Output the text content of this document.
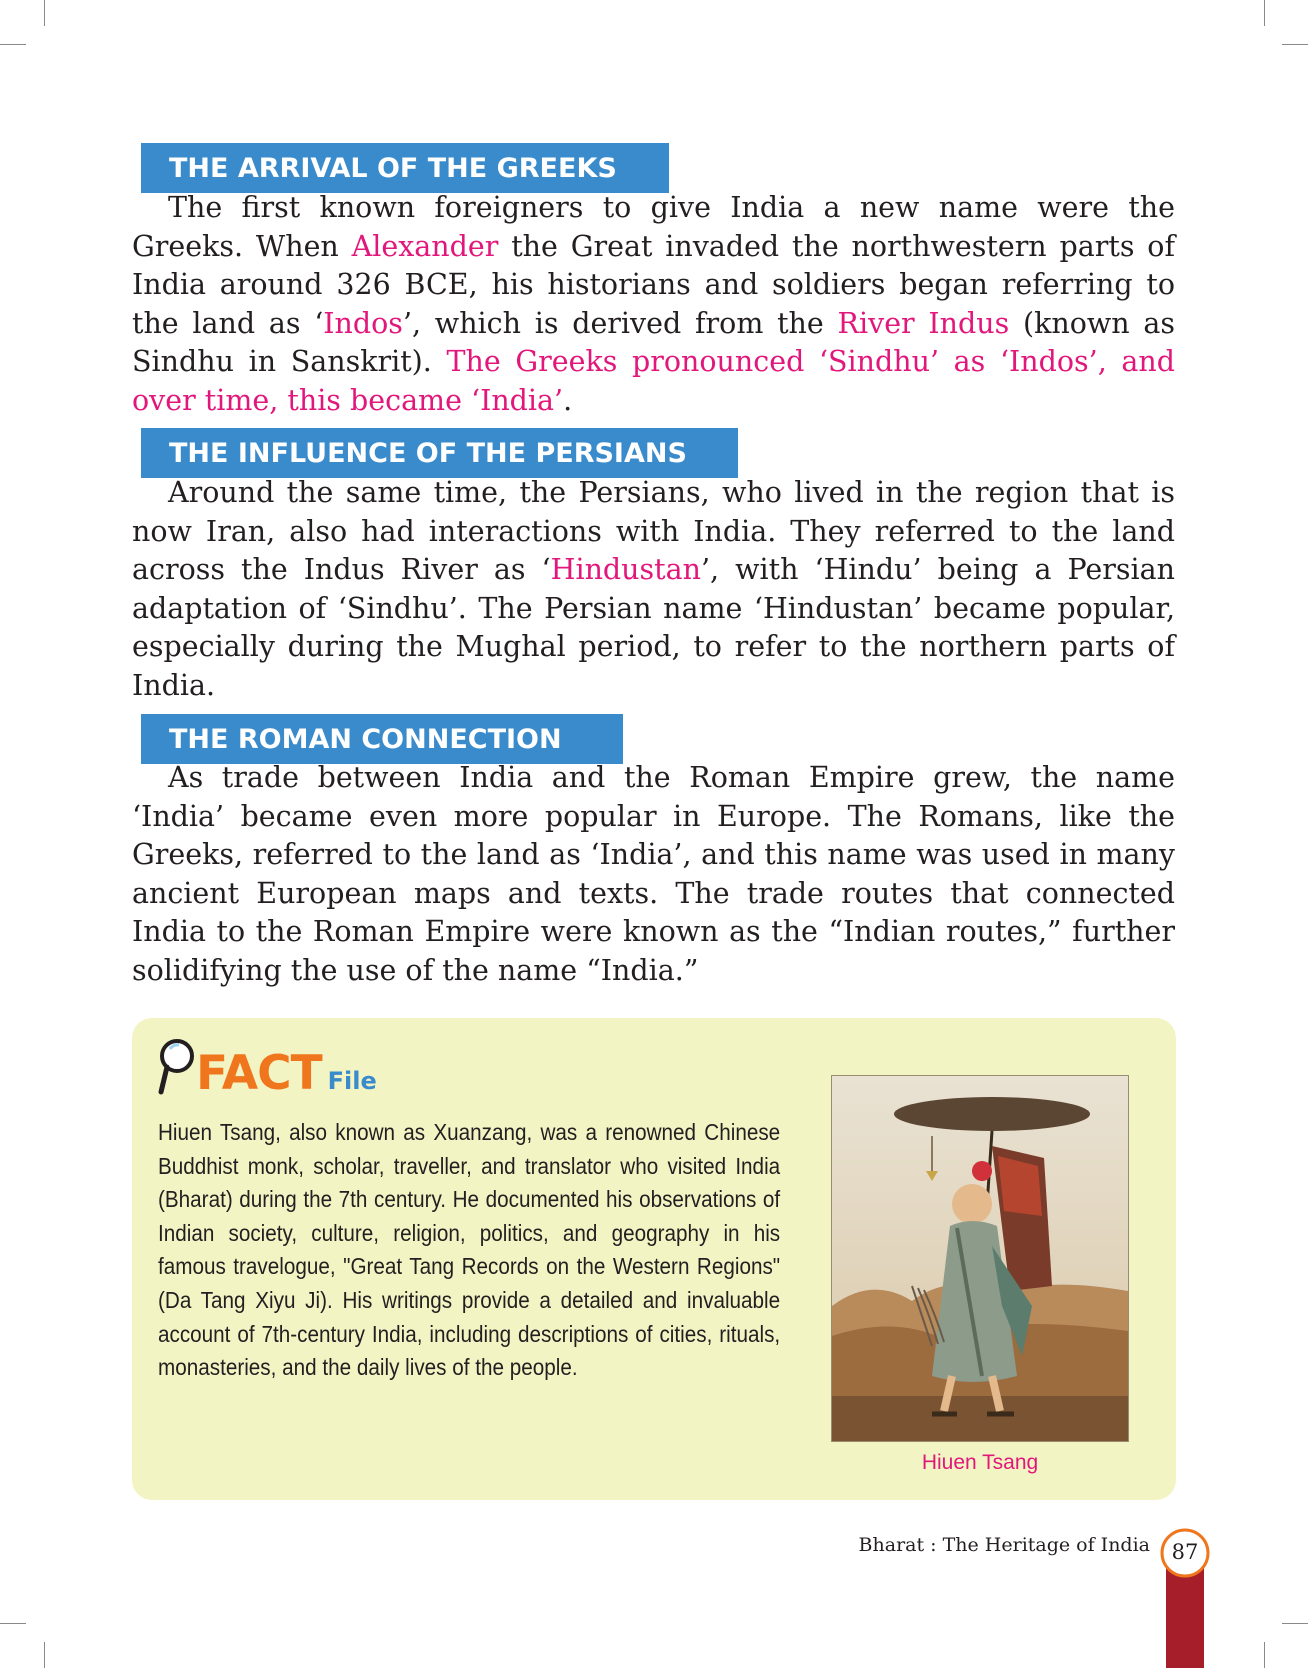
THE ARRIVAL OF THE GREEKS

The first known foreigners to give India a new name were the Greeks. When Alexander the Great invaded the northwestern parts of India around 326 BCE, his historians and soldiers began referring to the land as ‘Indos’, which is derived from the River Indus (known as Sindhu in Sanskrit). The Greeks pronounced ‘Sindhu’ as ‘Indos’, and over time, this became ‘India’.

THE INFLUENCE OF THE PERSIANS

Around the same time, the Persians, who lived in the region that is now Iran, also had interactions with India. They referred to the land across the Indus River as ‘Hindustan’, with ‘Hindu’ being a Persian adaptation of ‘Sindhu’. The Persian name ‘Hindustan’ became popular, especially during the Mughal period, to refer to the northern parts of India.

THE ROMAN CONNECTION

As trade between India and the Roman Empire grew, the name ‘India’ became even more popular in Europe. The Romans, like the Greeks, referred to the land as ‘India’, and this name was used in many ancient European maps and texts. The trade routes that connected India to the Roman Empire were known as the “Indian routes,” further solidifying the use of the name “India.”

FACT File

Hiuen Tsang, also known as Xuanzang, was a renowned Chinese Buddhist monk, scholar, traveller, and translator who visited India (Bharat) during the 7th century. He documented his observations of Indian society, culture, religion, politics, and geography in his famous travelogue, "Great Tang Records on the Western Regions" (Da Tang Xiyu Ji). His writings provide a detailed and invaluable account of 7th-century India, including descriptions of cities, rituals, monasteries, and the daily lives of the people.

Hiuen Tsang
Bharat : The Heritage of India	87
